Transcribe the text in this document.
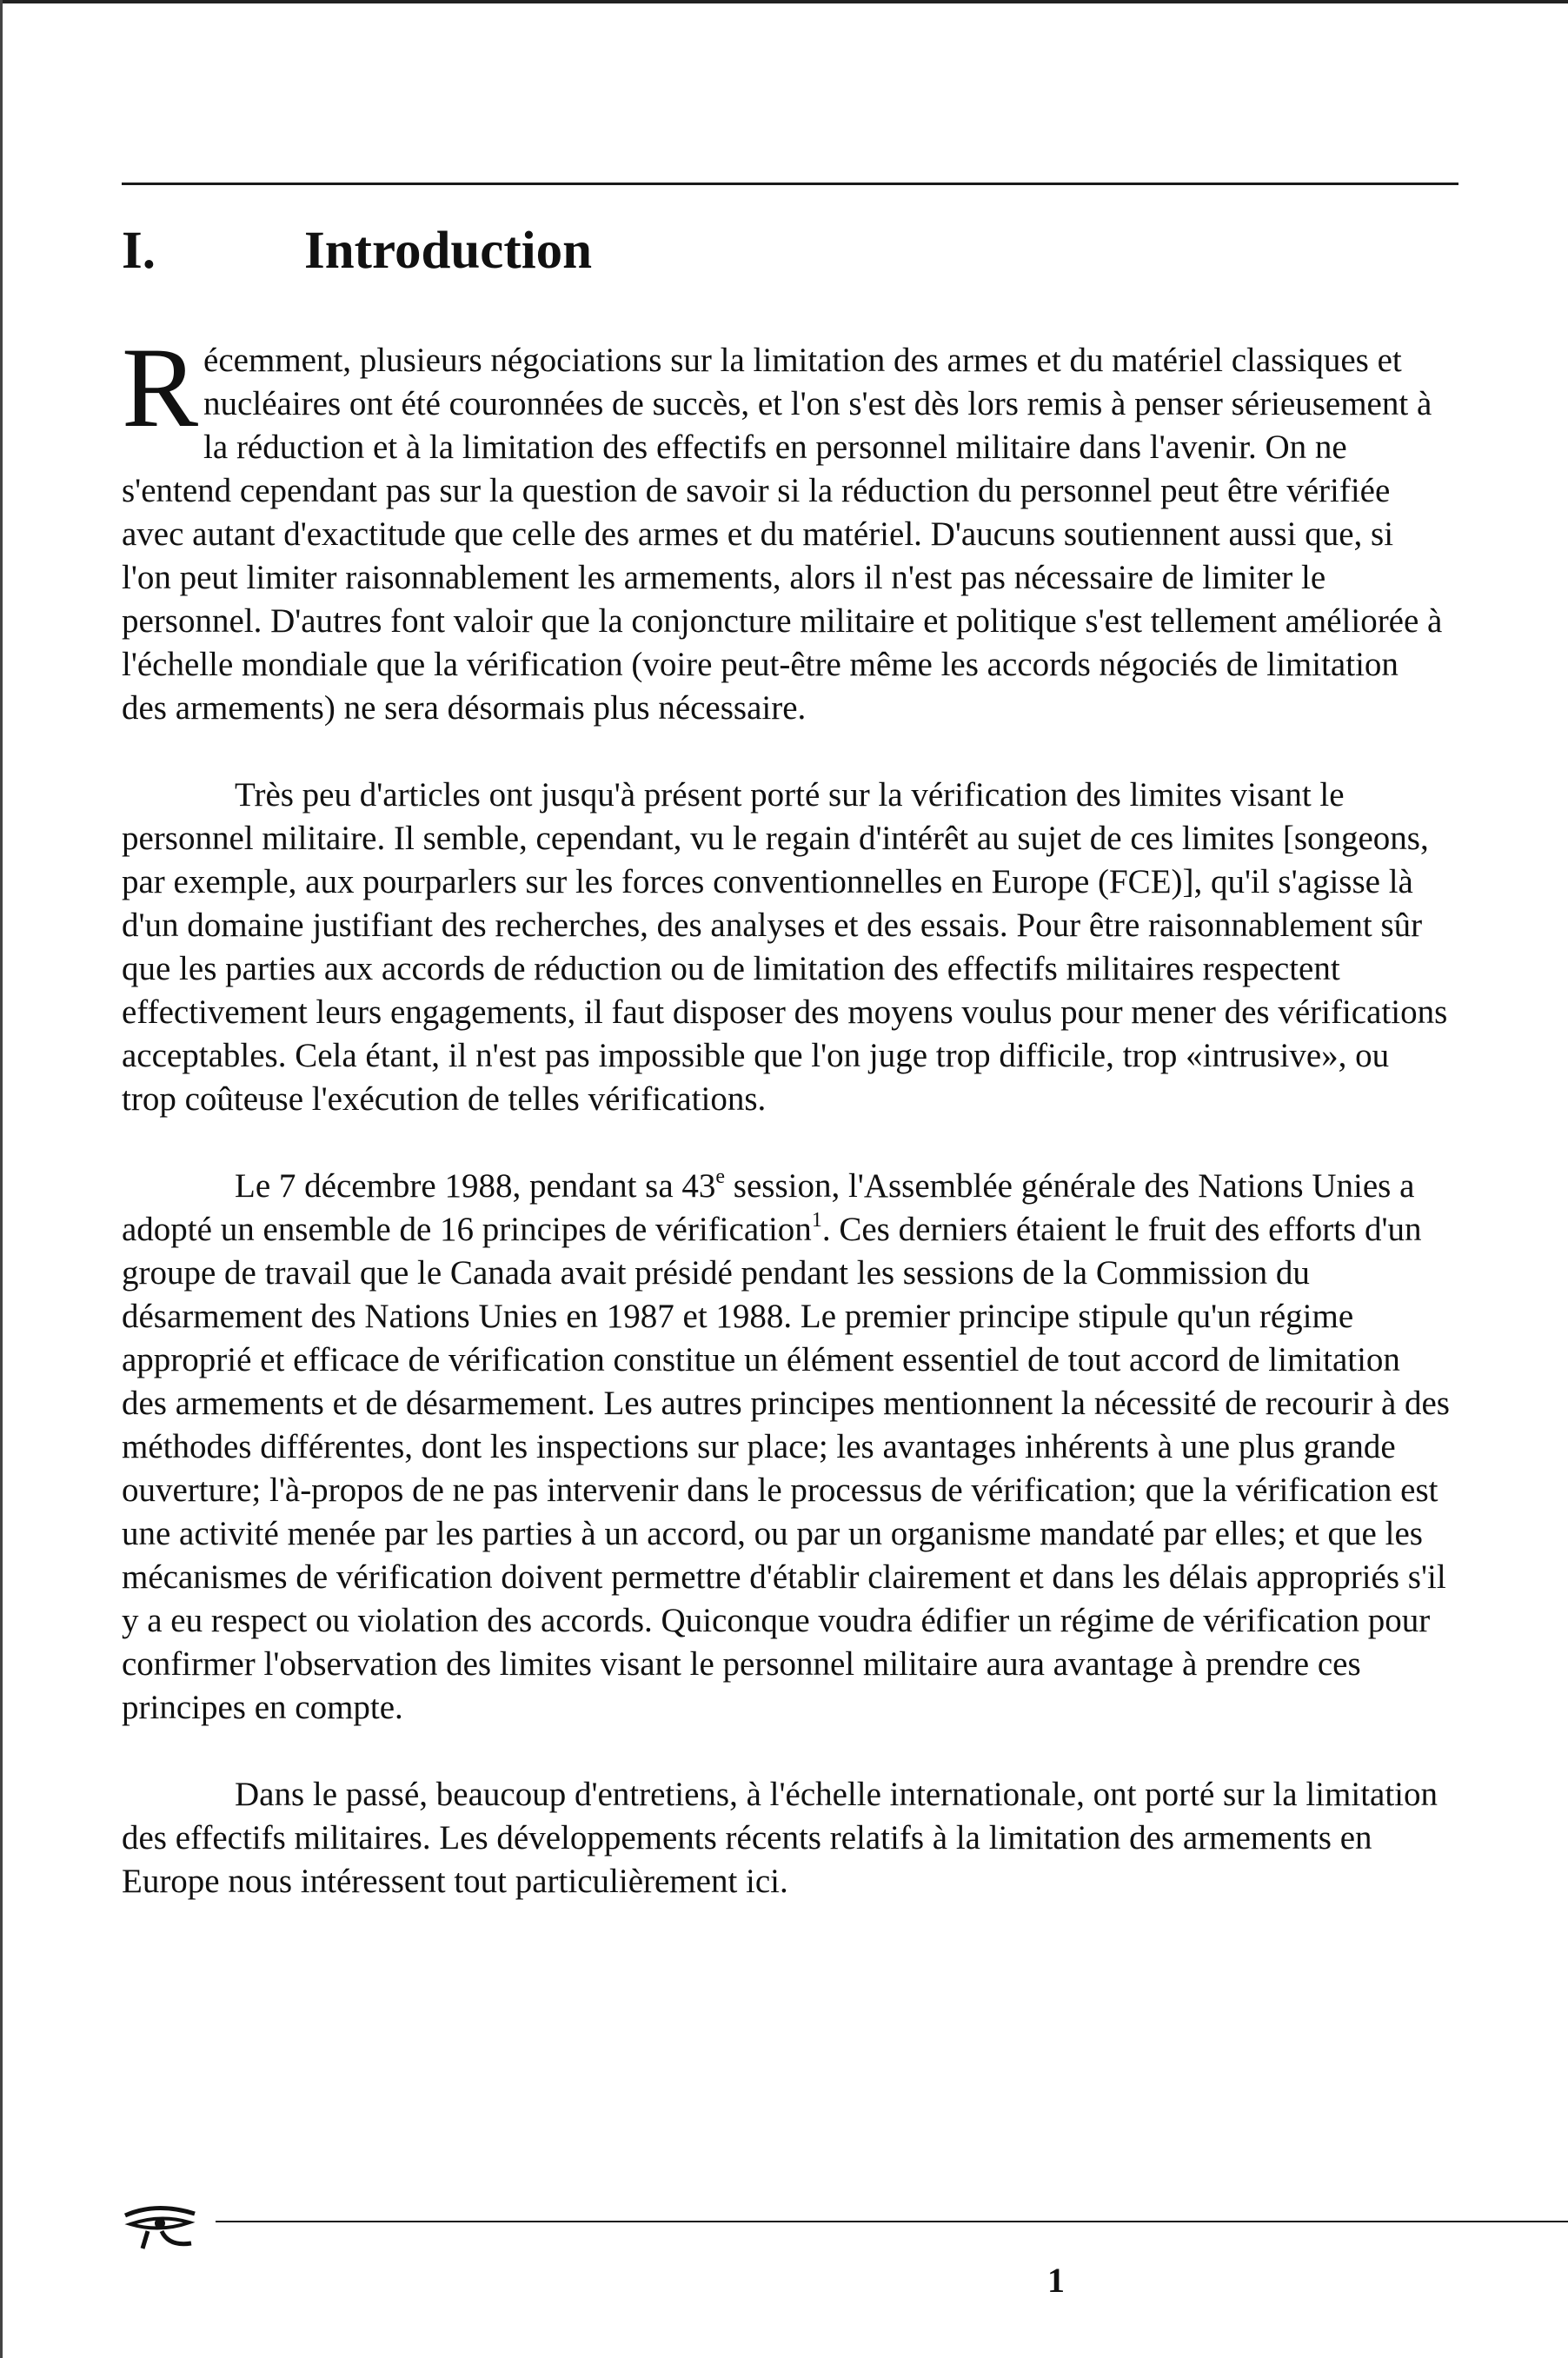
I.	Introduction

Récemment, plusieurs négociations sur la limitation des armes et du matériel classiques et nucléaires ont été couronnées de succès, et l'on s'est dès lors remis à penser sérieusement à la réduction et à la limitation des effectifs en personnel militaire dans l'avenir. On ne s'entend cependant pas sur la question de savoir si la réduction du personnel peut être vérifiée avec autant d'exactitude que celle des armes et du matériel. D'aucuns soutiennent aussi que, si l'on peut limiter raisonnablement les armements, alors il n'est pas nécessaire de limiter le personnel. D'autres font valoir que la conjoncture militaire et politique s'est tellement améliorée à l'échelle mondiale que la vérification (voire peut-être même les accords négociés de limitation des armements) ne sera désormais plus nécessaire.

Très peu d'articles ont jusqu'à présent porté sur la vérification des limites visant le personnel militaire. Il semble, cependant, vu le regain d'intérêt au sujet de ces limites [songeons, par exemple, aux pourparlers sur les forces conventionnelles en Europe (FCE)], qu'il s'agisse là d'un domaine justifiant des recherches, des analyses et des essais. Pour être raisonnablement sûr que les parties aux accords de réduction ou de limitation des effectifs militaires respectent effectivement leurs engagements, il faut disposer des moyens voulus pour mener des vérifications acceptables. Cela étant, il n'est pas impossible que l'on juge trop difficile, trop «intrusive», ou trop coûteuse l'exécution de telles vérifications.

Le 7 décembre 1988, pendant sa 43e session, l'Assemblée générale des Nations Unies a adopté un ensemble de 16 principes de vérification$^1$. Ces derniers étaient le fruit des efforts d'un groupe de travail que le Canada avait présidé pendant les sessions de la Commission du désarmement des Nations Unies en 1987 et 1988. Le premier principe stipule qu'un régime approprié et efficace de vérification constitue un élément essentiel de tout accord de limitation des armements et de désarmement. Les autres principes mentionnent la nécessité de recourir à des méthodes différentes, dont les inspections sur place; les avantages inhérents à une plus grande ouverture; l'à-propos de ne pas intervenir dans le processus de vérification; que la vérification est une activité menée par les parties à un accord, ou par un organisme mandaté par elles; et que les mécanismes de vérification doivent permettre d'établir clairement et dans les délais appropriés s'il y a eu respect ou violation des accords. Quiconque voudra édifier un régime de vérification pour confirmer l'observation des limites visant le personnel militaire aura avantage à prendre ces principes en compte.

Dans le passé, beaucoup d'entretiens, à l'échelle internationale, ont porté sur la limitation des effectifs militaires. Les développements récents relatifs à la limitation des armements en Europe nous intéressent tout particulièrement ici.

1
